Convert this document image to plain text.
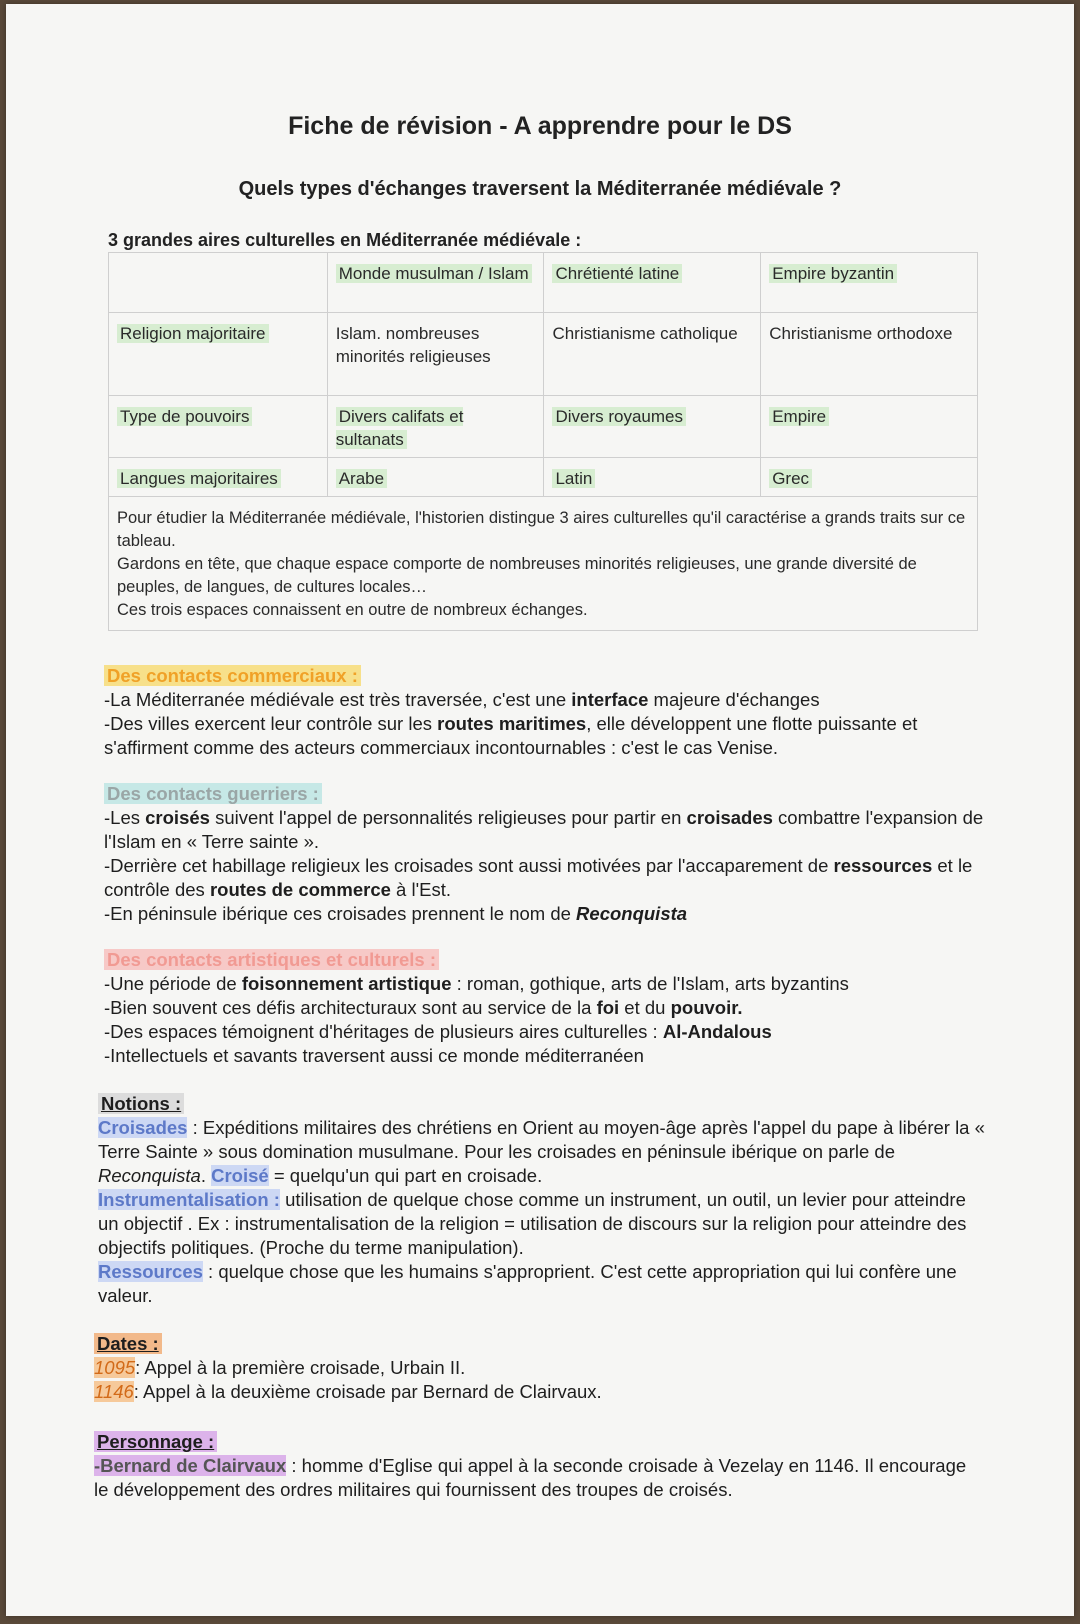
Fiche de révision - A apprendre pour le DS
Quels types d'échanges traversent la Méditerranée médiévale ?
3 grandes aires culturelles en Méditerranée médiévale :
	Monde musulman / Islam	Chrétienté latine	Empire byzantin
Religion majoritaire	Islam. nombreuses minorités religieuses	Christianisme catholique	Christianisme orthodoxe
Type de pouvoirs	Divers califats et sultanats	Divers royaumes	Empire
Langues majoritaires	Arabe	Latin	Grec

Pour étudier la Méditerranée médiévale, l'historien distingue 3 aires culturelles qu'il caractérise a grands traits sur ce tableau.

Gardons en tête, que chaque espace comporte de nombreuses minorités religieuses, une grande diversité de peuples, de langues, de cultures locales…

Ces trois espaces connaissent en outre de nombreux échanges.			

Des contacts commerciaux :

-La Méditerranée médiévale est très traversée, c'est une interface majeure d'échanges

-Des villes exercent leur contrôle sur les routes maritimes, elle développent une flotte puissante et s'affirment comme des acteurs commerciaux incontournables : c'est le cas Venise.

Des contacts guerriers :

-Les croisés suivent l'appel de personnalités religieuses pour partir en croisades combattre l'expansion de l'Islam en « Terre sainte ».

-Derrière cet habillage religieux les croisades sont aussi motivées par l'accaparement de ressources et le contrôle des routes de commerce à l'Est.

-En péninsule ibérique ces croisades prennent le nom de Reconquista

Des contacts artistiques et culturels :

-Une période de foisonnement artistique : roman, gothique, arts de l'Islam, arts byzantins

-Bien souvent ces défis architecturaux sont au service de la foi et du pouvoir.

-Des espaces témoignent d'héritages de plusieurs aires culturelles : Al-Andalous

-Intellectuels et savants traversent aussi ce monde méditerranéen

Notions :

Croisades : Expéditions militaires des chrétiens en Orient au moyen-âge après l'appel du pape à libérer la « Terre Sainte » sous domination musulmane. Pour les croisades en péninsule ibérique on parle de Reconquista. Croisé = quelqu'un qui part en croisade.

Instrumentalisation : utilisation de quelque chose comme un instrument, un outil, un levier pour atteindre un objectif . Ex : instrumentalisation de la religion = utilisation de discours sur la religion pour atteindre des objectifs politiques. (Proche du terme manipulation).

Ressources : quelque chose que les humains s'approprient. C'est cette appropriation qui lui confère une valeur.

Dates :

1095: Appel à la première croisade, Urbain II.

1146: Appel à la deuxième croisade par Bernard de Clairvaux.

Personnage :

-Bernard de Clairvaux : homme d'Eglise qui appel à la seconde croisade à Vezelay en 1146. Il encourage le développement des ordres militaires qui fournissent des troupes de croisés.
